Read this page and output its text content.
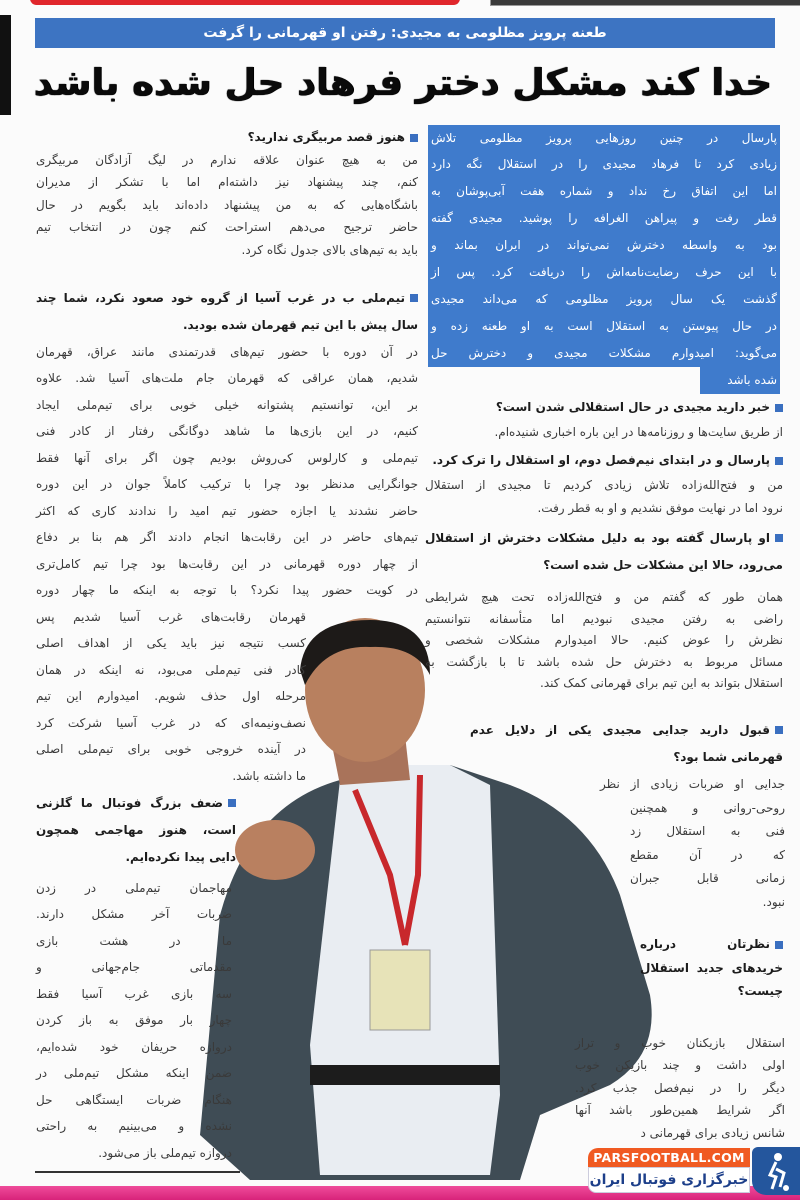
طعنه پرویز مظلومی به مجیدی: رفتن او قهرمانی را گرفت
خدا کند مشکل دختر فرهاد حل شده باشد
پارسال در چنین روزهایی پرویز مظلومی تلاش
زیادی کرد تا فرهاد مجیدی را در استقلال نگه دارد
اما این اتفاق رخ نداد و شماره هفت آبی‌پوشان به
قطر رفت و پیراهن الغرافه را پوشید. مجیدی گفته
بود به واسطه دخترش نمی‌تواند در ایران بماند و
با این حرف رضایت‌نامه‌اش را دریافت کرد. پس از
گذشت یک سال پرویز مظلومی که می‌داند مجیدی
در حال پیوستن به استقلال است به او طعنه زده و
می‌گوید: امیدوارم مشکلات مجیدی و دخترش حل
شده باشد
هنوز قصد مربیگری ندارید؟
من به هیچ عنوان علاقه ندارم در لیگ آزادگان مربیگری
کنم، چند پیشنهاد نیز داشته‌ام اما با تشکر از مدیران
باشگاه‌هایی که به من پیشنهاد داده‌اند باید بگویم در حال
حاضر ترجیح می‌دهم استراحت کنم چون در انتخاب تیم
باید به تیم‌های بالای جدول نگاه کرد.
تیم‌ملی ب در غرب آسیا از گروه خود صعود نکرد، شما چند
سال پیش با این تیم قهرمان شده بودید.
در آن دوره با حضور تیم‌های قدرتمندی مانند عراق، قهرمان
شدیم، همان عراقی که قهرمان جام ملت‌های آسیا شد. علاوه
بر این، توانستیم پشتوانه خیلی خوبی برای تیم‌ملی ایجاد
کنیم، در این بازی‌ها ما شاهد دوگانگی رفتار از کادر فنی
تیم‌ملی و کارلوس کی‌روش بودیم چون اگر برای آنها فقط
جوانگرایی مدنظر بود چرا با ترکیب کاملاً جوان در این دوره
حاضر نشدند یا اجازه حضور تیم امید را ندادند کاری که اکثر
تیم‌های حاضر در این رقابت‌ها انجام دادند اگر هم بنا بر دفاع
از چهار دوره قهرمانی در این رقابت‌ها بود چرا تیم کامل‌تری
در کویت حضور پیدا نکرد؟ با توجه به اینکه ما چهار دوره
قهرمان رقابت‌های غرب آسیا شدیم پس
کسب نتیجه نیز باید یکی از اهداف اصلی
کادر فنی تیم‌ملی می‌بود، نه اینکه در همان
مرحله اول حذف شویم. امیدوارم این تیم
نصف‌ونیمه‌ای که در غرب آسیا شرکت کرد
در آینده خروجی خوبی برای تیم‌ملی اصلی
ما داشته باشد.
ضعف بزرگ فوتبال ما گلزنی
است، هنوز مهاجمی همچون
دایی پیدا نکرده‌ایم.
مهاجمان تیم‌ملی در زدن
ضربات آخر مشکل دارند.
ما در هشت بازی
مقدماتی جام‌جهانی و
سه بازی غرب آسیا فقط
چهار بار موفق به باز کردن
دروازه حریفان خود شده‌ایم،
ضمن اینکه مشکل تیم‌ملی در
هنگام ضربات ایستگاهی حل
نشده و می‌بینیم به راحتی
دروازه تیم‌ملی باز می‌شود.
خبر دارید مجیدی در حال استقلالی شدن است؟
از طریق سایت‌ها و روزنامه‌ها در این باره اخباری شنیده‌ام.
پارسال و در ابتدای نیم‌فصل دوم، او استقلال را ترک کرد.
من و فتح‌الله‌زاده تلاش زیادی کردیم تا مجیدی از استقلال
نرود اما در نهایت موفق نشدیم و او به قطر رفت.
او پارسال گفته بود به دلیل مشکلات دخترش از استقلال
می‌رود، حالا این مشکلات حل شده است؟
همان طور که گفتم من و فتح‌الله‌زاده تحت هیچ شرایطی
راضی به رفتن مجیدی نبودیم اما متأسفانه نتوانستیم
نظرش را عوض کنیم. حالا امیدوارم مشکلات شخصی و
مسائل مربوط به دخترش حل شده باشد تا با بازگشت به
استقلال بتواند به این تیم برای قهرمانی کمک کند.
قبول دارید جدایی مجیدی یکی از دلایل عدم
قهرمانی شما بود؟
جدایی او ضربات زیادی از نظر
روحی-روانی و همچنین
فنی به استقلال زد
که در آن مقطع
زمانی قابل جبران
نبود.
نظرتان درباره
خریدهای جدید استقلال
چیست؟
استقلال بازیکنان خوب و تراز
اولی داشت و چند بازیکن خوب
دیگر را در نیم‌فصل جذب کرد.
اگر شرایط همین‌طور باشد آنها
شانس زیادی برای قهرمانی د
PARSFOOTBALL.COM
خبرگزاری فوتبال ایران
